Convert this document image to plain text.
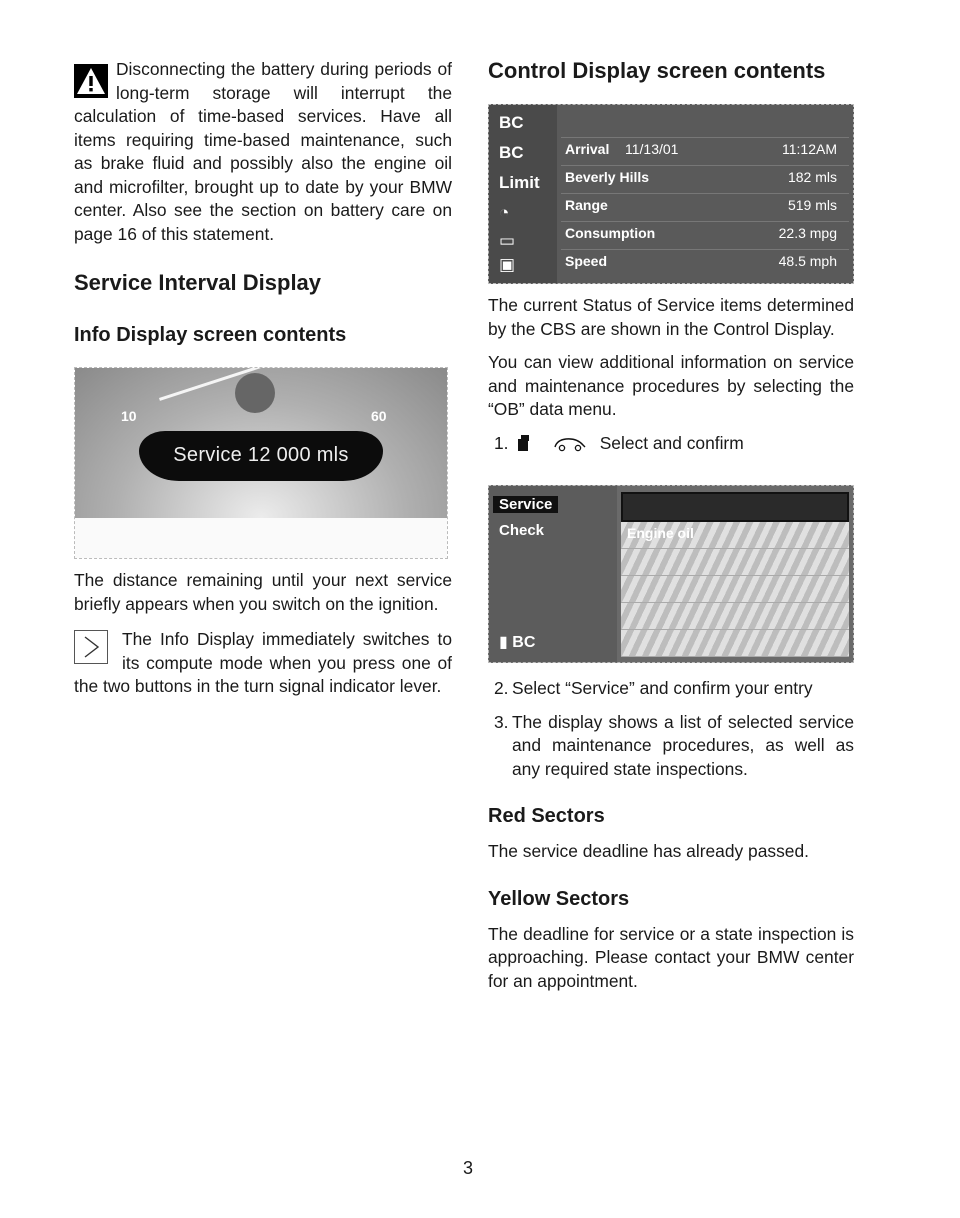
Disconnecting the battery during periods of long-term storage will interrupt the calculation of time-based services. Have all items requiring time-based maintenance, such as brake fluid and possibly also the engine oil and microfilter, brought up to date by your BMW center. Also see the section on battery care on page 16 of this statement.

Service Interval Display
Info Display screen contents
10	60
Service 12 000 mls

The distance remaining until your next service briefly appears when you switch on the ignition.

The Info Display immediately switches to its compute mode when you press one of the two buttons in the turn signal indicator lever.

Control Display screen contents
BC
BC
Limit
◔
▭
▣
Arrival 11/13/01	11:12AM
Beverly Hills	182 mls
Range	519 mls
Consumption	22.3 mpg
Speed	48.5 mph

The current Status of Service items determined by the CBS are shown in the Control Display.

You can view additional information on service and maintenance procedures by selecting the “OB” data menu.

1.	Select and confirm
Service
Check
▮ BC
Engine oil
2. Select “Service” and confirm your entry
3. The display shows a list of selected service and maintenance procedures, as well as any required state inspections.
Red Sectors

The service deadline has already passed.

Yellow Sectors

The deadline for service or a state inspection is approaching. Please contact your BMW center for an appointment.

3
